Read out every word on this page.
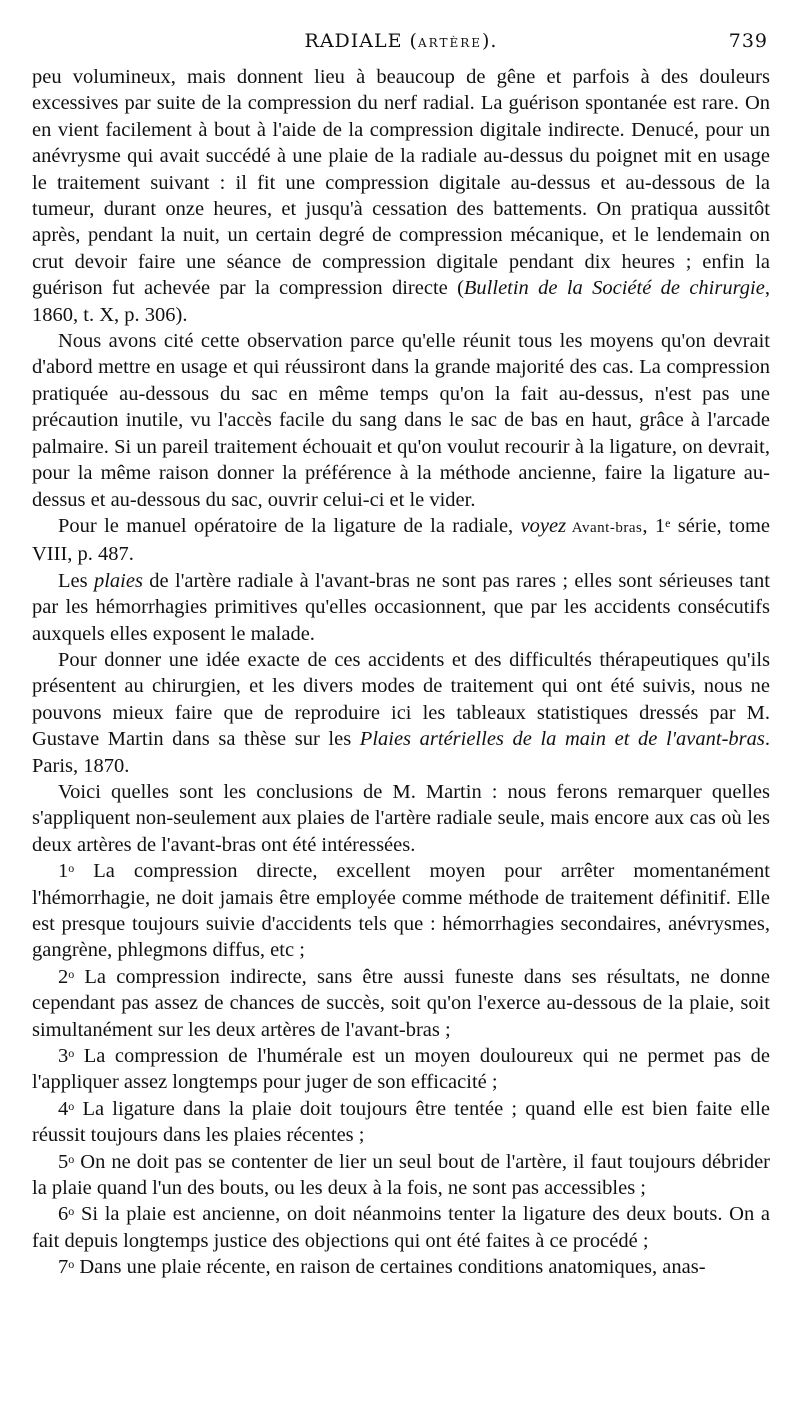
RADIALE (ARTÈRE).	739

peu volumineux, mais donnent lieu à beaucoup de gêne et parfois à des douleurs excessives par suite de la compression du nerf radial. La guérison spontanée est rare. On en vient facilement à bout à l'aide de la compression digitale indirecte. Denucé, pour un anévrysme qui avait succédé à une plaie de la radiale au-dessus du poignet mit en usage le traitement suivant : il fit une compression digitale au-dessus et au-dessous de la tumeur, durant onze heures, et jusqu'à cessation des battements. On pratiqua aussitôt après, pendant la nuit, un certain degré de compression mécanique, et le lendemain on crut devoir faire une séance de compression digitale pendant dix heures ; enfin la guérison fut achevée par la compression directe (Bulletin de la Société de chirurgie, 1860, t. X, p. 306).

Nous avons cité cette observation parce qu'elle réunit tous les moyens qu'on devrait d'abord mettre en usage et qui réussiront dans la grande majorité des cas. La compression pratiquée au-dessous du sac en même temps qu'on la fait au-dessus, n'est pas une précaution inutile, vu l'accès facile du sang dans le sac de bas en haut, grâce à l'arcade palmaire. Si un pareil traitement échouait et qu'on voulut recourir à la ligature, on devrait, pour la même raison donner la préférence à la méthode ancienne, faire la ligature au-dessus et au-dessous du sac, ouvrir celui-ci et le vider.

Pour le manuel opératoire de la ligature de la radiale, voyez Avant-bras, 1e série, tome VIII, p. 487.

Les plaies de l'artère radiale à l'avant-bras ne sont pas rares ; elles sont sérieuses tant par les hémorrhagies primitives qu'elles occasionnent, que par les accidents consécutifs auxquels elles exposent le malade.

Pour donner une idée exacte de ces accidents et des difficultés thérapeutiques qu'ils présentent au chirurgien, et les divers modes de traitement qui ont été suivis, nous ne pouvons mieux faire que de reproduire ici les tableaux statistiques dressés par M. Gustave Martin dans sa thèse sur les Plaies artérielles de la main et de l'avant-bras. Paris, 1870.

Voici quelles sont les conclusions de M. Martin : nous ferons remarquer quelles s'appliquent non-seulement aux plaies de l'artère radiale seule, mais encore aux cas où les deux artères de l'avant-bras ont été intéressées.

1$^o$ La compression directe, excellent moyen pour arrêter momentanément l'hémorrhagie, ne doit jamais être employée comme méthode de traitement définitif. Elle est presque toujours suivie d'accidents tels que : hémorrhagies secondaires, anévrysmes, gangrène, phlegmons diffus, etc ;

2$^o$ La compression indirecte, sans être aussi funeste dans ses résultats, ne donne cependant pas assez de chances de succès, soit qu'on l'exerce au-dessous de la plaie, soit simultanément sur les deux artères de l'avant-bras ;

3$^o$ La compression de l'humérale est un moyen douloureux qui ne permet pas de l'appliquer assez longtemps pour juger de son efficacité ;

4$^o$ La ligature dans la plaie doit toujours être tentée ; quand elle est bien faite elle réussit toujours dans les plaies récentes ;

5$^o$ On ne doit pas se contenter de lier un seul bout de l'artère, il faut toujours débrider la plaie quand l'un des bouts, ou les deux à la fois, ne sont pas accessibles ;

6$^o$ Si la plaie est ancienne, on doit néanmoins tenter la ligature des deux bouts. On a fait depuis longtemps justice des objections qui ont été faites à ce procédé ;

7$^o$ Dans une plaie récente, en raison de certaines conditions anatomiques, anas-
